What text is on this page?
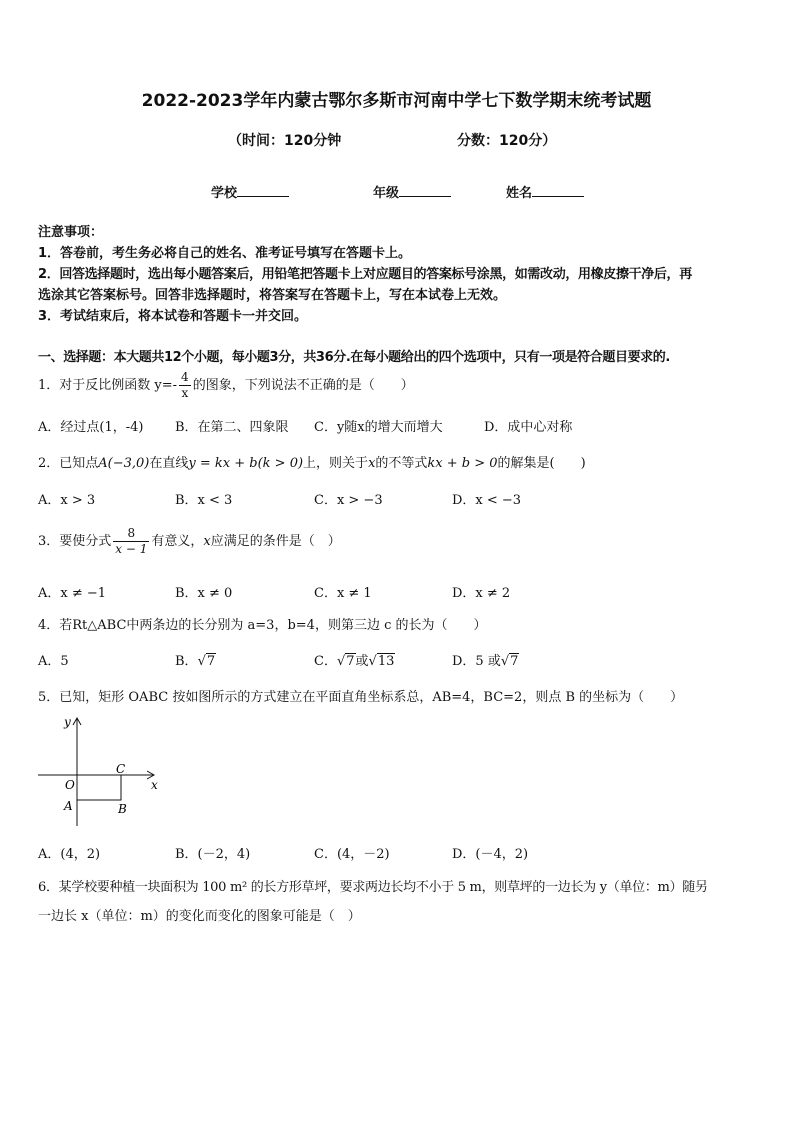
2022-2023学年内蒙古鄂尔多斯市河南中学七下数学期末统考试题
（时间：120分钟	分数：120分）
学校	年级	姓名
注意事项：
1．答卷前，考生务必将自己的姓名、准考证号填写在答题卡上。
2．回答选择题时，选出每小题答案后，用铅笔把答题卡上对应题目的答案标号涂黑，如需改动，用橡皮擦干净后，再
选涂其它答案标号。回答非选择题时，将答案写在答题卡上，写在本试卷上无效。
3．考试结束后，将本试卷和答题卡一并交回。
一、选择题：本大题共12个小题，每小题3分，共36分.在每小题给出的四个选项中，只有一项是符合题目要求的.
1．对于反比例函数 $y=- \frac{4}{x}$ 的图象，下列说法不正确的是（　　）
A．经过点(1，-4) B．在第二、四象限 C．y随x的增大而增大	D．成中心对称
2．已知点A(−3,0)在直线y = kx + b(k > 0)上，则关于x的不等式kx + b > 0的解集是(　　)
A．x > 3	B．x < 3	C．x > −3	D．x < −3
3．要使分式 $\frac{8}{x - 1}$ 有意义，x应满足的条件是（　）
A．x ≠ −1	B．x ≠ 0	C．x ≠ 1	D．x ≠ 2
4．若Rt△ABC中两条边的长分别为 a=3，b=4，则第三边 c 的长为（　　）
A．5	B．√7	C．√7或√13	D．5 或√7
5．已知，矩形 OABC 按如图所示的方式建立在平面直角坐标系总，AB=4，BC=2，则点 B 的坐标为（　　）
y
x
O
C
A	B
A．(4，2)	B．(－2，4)	C．(4，－2)	D．(－4，2)
6．某学校要种植一块面积为 100 m² 的长方形草坪，要求两边长均不小于 5 m，则草坪的一边长为 y（单位：m）随另
一边长 x（单位：m）的变化而变化的图象可能是（　）
